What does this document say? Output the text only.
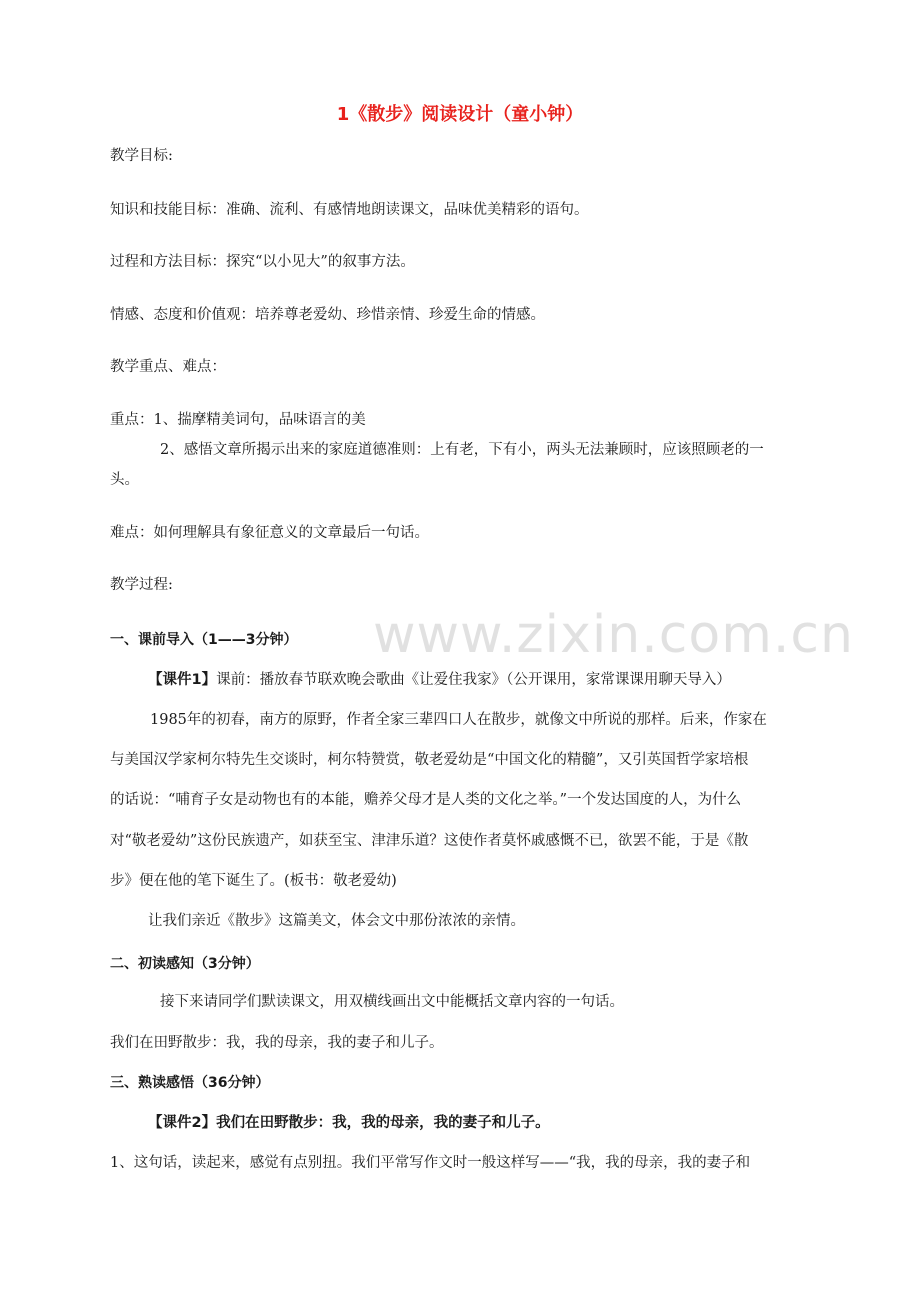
1《散步》阅读设计（童小钟）

教学目标:

知识和技能目标：准确、流利、有感情地朗读课文，品味优美精彩的语句。

过程和方法目标：探究“以小见大”的叙事方法。

情感、态度和价值观：培养尊老爱幼、珍惜亲情、珍爱生命的情感。

教学重点、难点：

重点：1、揣摩精美词句，品味语言的美

2、感悟文章所揭示出来的家庭道德准则：上有老，下有小，两头无法兼顾时，应该照顾老的一

头。

难点：如何理解具有象征意义的文章最后一句话。

教学过程:

一、课前导入（1——3分钟）

【课件1】课前：播放春节联欢晚会歌曲《让爱住我家》（公开课用，家常课课用聊天导入）

1985年的初春，南方的原野，作者全家三辈四口人在散步，就像文中所说的那样。后来，作家在

与美国汉学家柯尔特先生交谈时，柯尔特赞赏，敬老爱幼是“中国文化的精髓”，又引英国哲学家培根

的话说：“哺育子女是动物也有的本能，赡养父母才是人类的文化之举。”一个发达国度的人，为什么

对“敬老爱幼”这份民族遗产，如获至宝、津津乐道？这使作者莫怀戚感慨不已，欲罢不能，于是《散

步》便在他的笔下诞生了。(板书：敬老爱幼)

让我们亲近《散步》这篇美文，体会文中那份浓浓的亲情。

二、初读感知（3分钟）

接下来请同学们默读课文，用双横线画出文中能概括文章内容的一句话。

我们在田野散步：我，我的母亲，我的妻子和儿子。

三、熟读感悟（36分钟）

【课件2】我们在田野散步：我，我的母亲，我的妻子和儿子。

1、这句话，读起来，感觉有点别扭。我们平常写作文时一般这样写——“我，我的母亲，我的妻子和

www.zixin.com.cn
